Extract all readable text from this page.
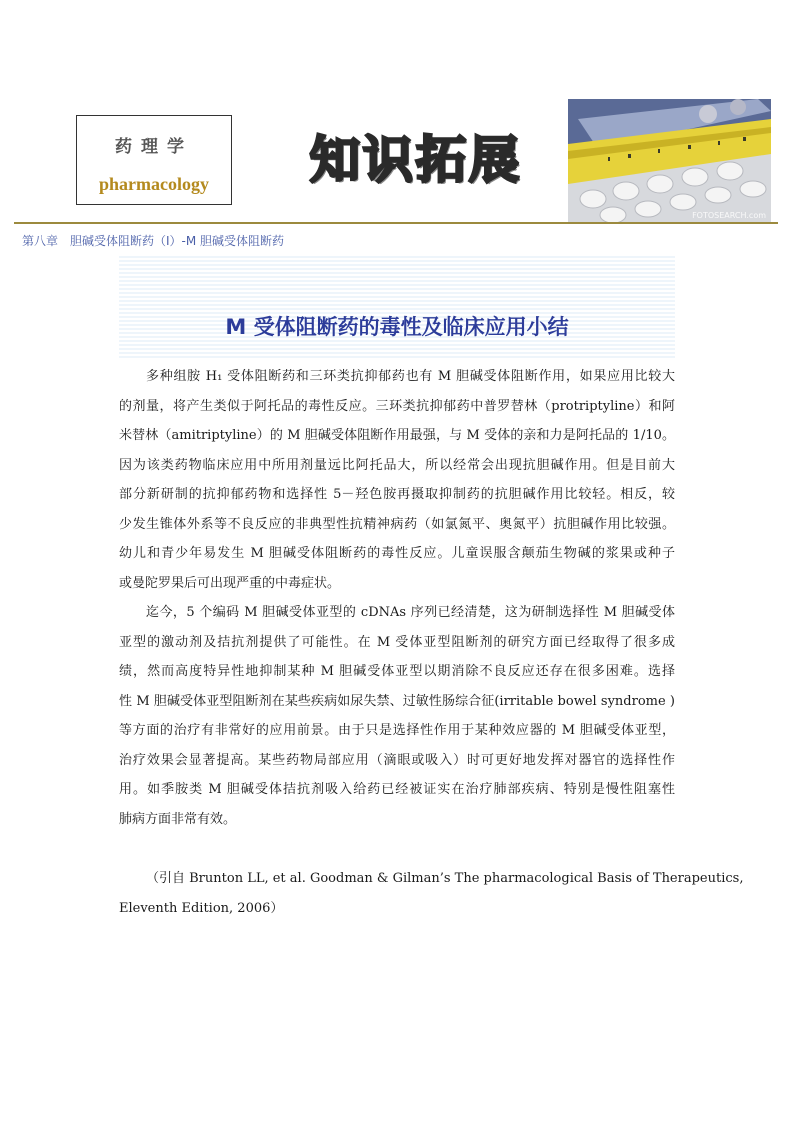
药理学
pharmacology	知识拓展
FOTOSEARCH.com
第八章　胆碱受体阻断药（I）-M 胆碱受体阻断药
M 受体阻断药的毒性及临床应用小结
多种组胺 H₁ 受体阻断药和三环类抗抑郁药也有 M 胆碱受体阻断作用，如果应用比较大
的剂量，将产生类似于阿托品的毒性反应。三环类抗抑郁药中普罗替林（protriptyline）和阿
米替林（amitriptyline）的 M 胆碱受体阻断作用最强，与 M 受体的亲和力是阿托品的 1/10。
因为该类药物临床应用中所用剂量远比阿托品大，所以经常会出现抗胆碱作用。但是目前大
部分新研制的抗抑郁药物和选择性 5－羟色胺再摄取抑制药的抗胆碱作用比较轻。相反，较
少发生锥体外系等不良反应的非典型性抗精神病药（如氯氮平、奥氮平）抗胆碱作用比较强。
幼儿和青少年易发生 M 胆碱受体阻断药的毒性反应。儿童误服含颠茄生物碱的浆果或种子
或曼陀罗果后可出现严重的中毒症状。
迄今，5 个编码 M 胆碱受体亚型的 cDNAs 序列已经清楚，这为研制选择性 M 胆碱受体
亚型的激动剂及拮抗剂提供了可能性。在 M 受体亚型阻断剂的研究方面已经取得了很多成
绩，然而高度特异性地抑制某种 M 胆碱受体亚型以期消除不良反应还存在很多困难。选择
性 M 胆碱受体亚型阻断剂在某些疾病如尿失禁、过敏性肠综合征(irritable bowel syndrome )
等方面的治疗有非常好的应用前景。由于只是选择性作用于某种效应器的 M 胆碱受体亚型，
治疗效果会显著提高。某些药物局部应用（滴眼或吸入）时可更好地发挥对器官的选择性作
用。如季胺类 M 胆碱受体拮抗剂吸入给药已经被证实在治疗肺部疾病、特别是慢性阻塞性
肺病方面非常有效。
（引自 Brunton LL, et al. Goodman & Gilman’s The pharmacological Basis of Therapeutics,
Eleventh Edition, 2006）
